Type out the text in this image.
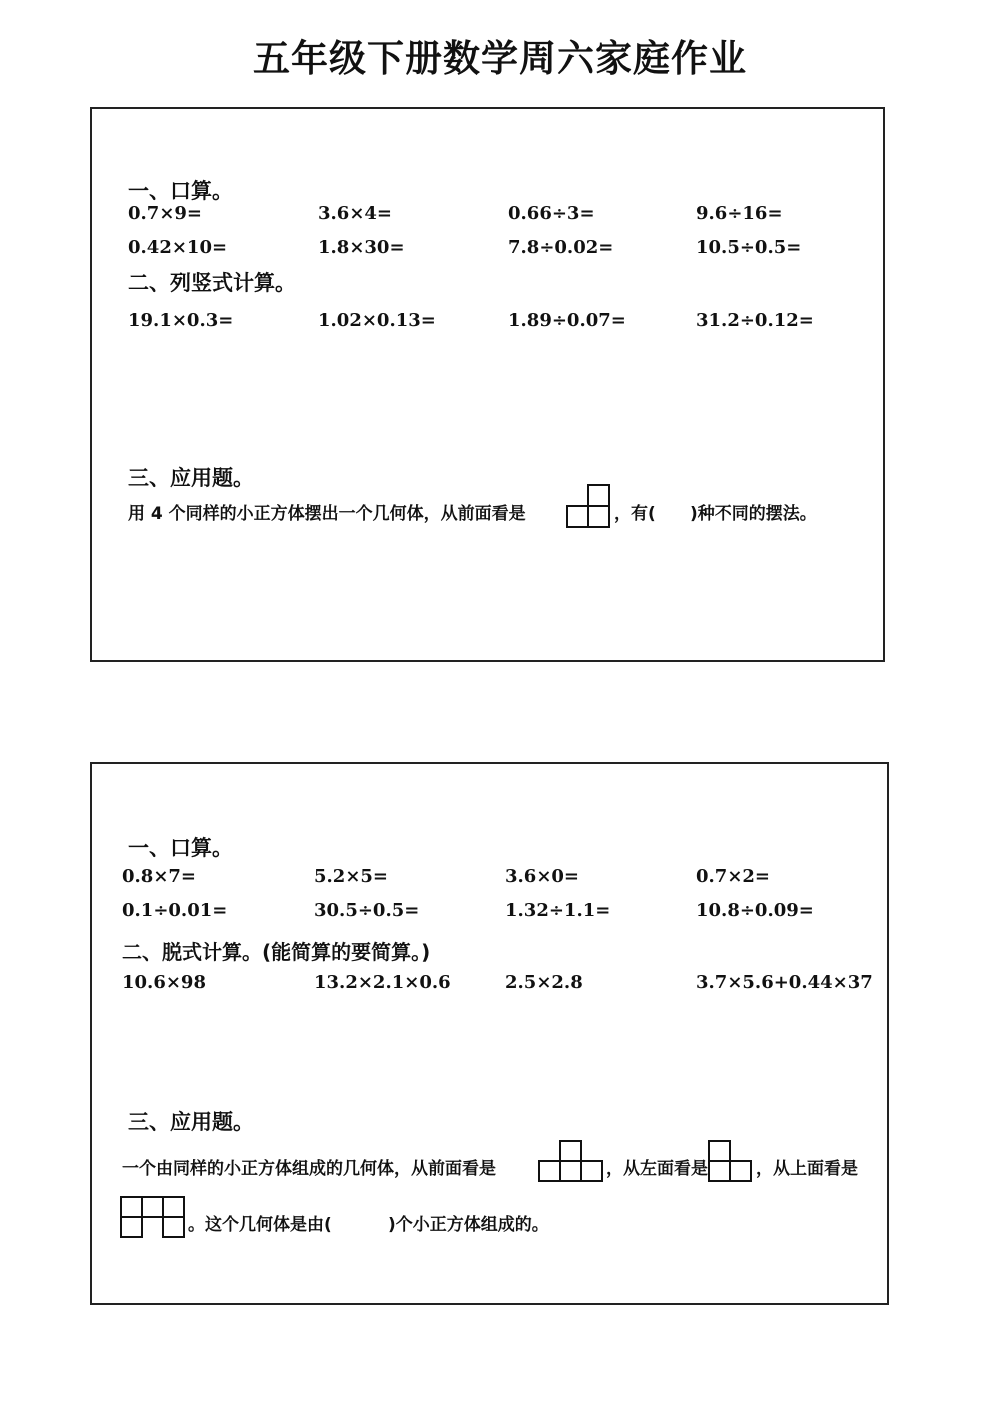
五年级下册数学周六家庭作业
一、口算。
0.7×9=	3.6×4=	0.66÷3=	9.6÷16=
0.42×10=	1.8×30=	7.8÷0.02=	10.5÷0.5=
二、列竖式计算。
19.1×0.3=	1.02×0.13=	1.89÷0.07=	31.2÷0.12=
三、应用题。
用 4 个同样的小正方体摆出一个几何体，从前面看是	，有( )种不同的摆法。
一、口算。
0.8×7=	5.2×5=	3.6×0=	0.7×2=
0.1÷0.01=	30.5÷0.5=	1.32÷1.1=	10.8÷0.09=
二、脱式计算。(能简算的要简算。)
10.6×98	13.2×2.1×0.6	2.5×2.8	3.7×5.6+0.44×37
三、应用题。
一个由同样的小正方体组成的几何体，从前面看是	，从左面看是	，从上面看是
。这个几何体是由(	)个小正方体组成的。
